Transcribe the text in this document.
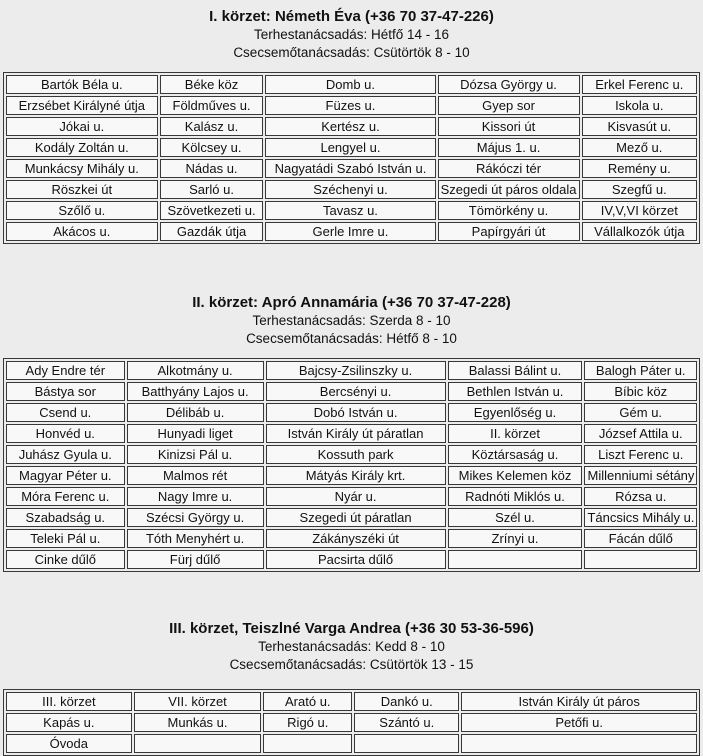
I. körzet: Németh Éva (+36 70 37-47-226)
Terhestanácsadás: Hétfő 14 - 16
Csecsemőtanácsadás: Csütörtök 8 - 10
Bartók Béla u.	Béke köz	Domb u.	Dózsa György u.	Erkel Ferenc u.
Erzsébet Királyné útja	Földműves u.	Füzes u.	Gyep sor	Iskola u.
Jókai u.	Kalász u.	Kertész u.	Kissori út	Kisvasút u.
Kodály Zoltán u.	Kölcsey u.	Lengyel u.	Május 1. u.	Mező u.
Munkácsy Mihály u.	Nádas u.	Nagyatádi Szabó István u.	Rákóczi tér	Remény u.
Röszkei út	Sarló u.	Széchenyi u.	Szegedi út páros oldala	Szegfű u.
Szőlő u.	Szövetkezeti u.	Tavasz u.	Tömörkény u.	IV,V,VI körzet
Akácos u.	Gazdák útja	Gerle Imre u.	Papírgyári út	Vállalkozók útja
II. körzet: Apró Annamária (+36 70 37-47-228)
Terhestanácsadás: Szerda 8 - 10
Csecsemőtanácsadás: Hétfő 8 - 10
Ady Endre tér	Alkotmány u.	Bajcsy-Zsilinszky u.	Balassi Bálint u.	Balogh Páter u.
Bástya sor	Batthyány Lajos u.	Bercsényi u.	Bethlen István u.	Bíbic köz
Csend u.	Délibáb u.	Dobó István u.	Egyenlőség u.	Gém u.
Honvéd u.	Hunyadi liget	István Király út páratlan	II. körzet	József Attila u.
Juhász Gyula u.	Kinizsi Pál u.	Kossuth park	Köztársaság u.	Liszt Ferenc u.
Magyar Péter u.	Malmos rét	Mátyás Király krt.	Mikes Kelemen köz	Millenniumi sétány
Móra Ferenc u.	Nagy Imre u.	Nyár u.	Radnóti Miklós u.	Rózsa u.
Szabadság u.	Szécsi György u.	Szegedi út páratlan	Szél u.	Táncsics Mihály u.
Teleki Pál u.	Tóth Menyhért u.	Zákányszéki út	Zrínyi u.	Fácán dűlő
Cinke dűlő	Fürj dűlő	Pacsirta dűlő		
III. körzet, Teiszlné Varga Andrea (+36 30 53-36-596)
Terhestanácsadás: Kedd 8 - 10
Csecsemőtanácsadás: Csütörtök 13 - 15
III. körzet	VII. körzet	Arató u.	Dankó u.	István Király út páros
Kapás u.	Munkás u.	Rigó u.	Szántó u.	Petőfi u.
Óvoda				
